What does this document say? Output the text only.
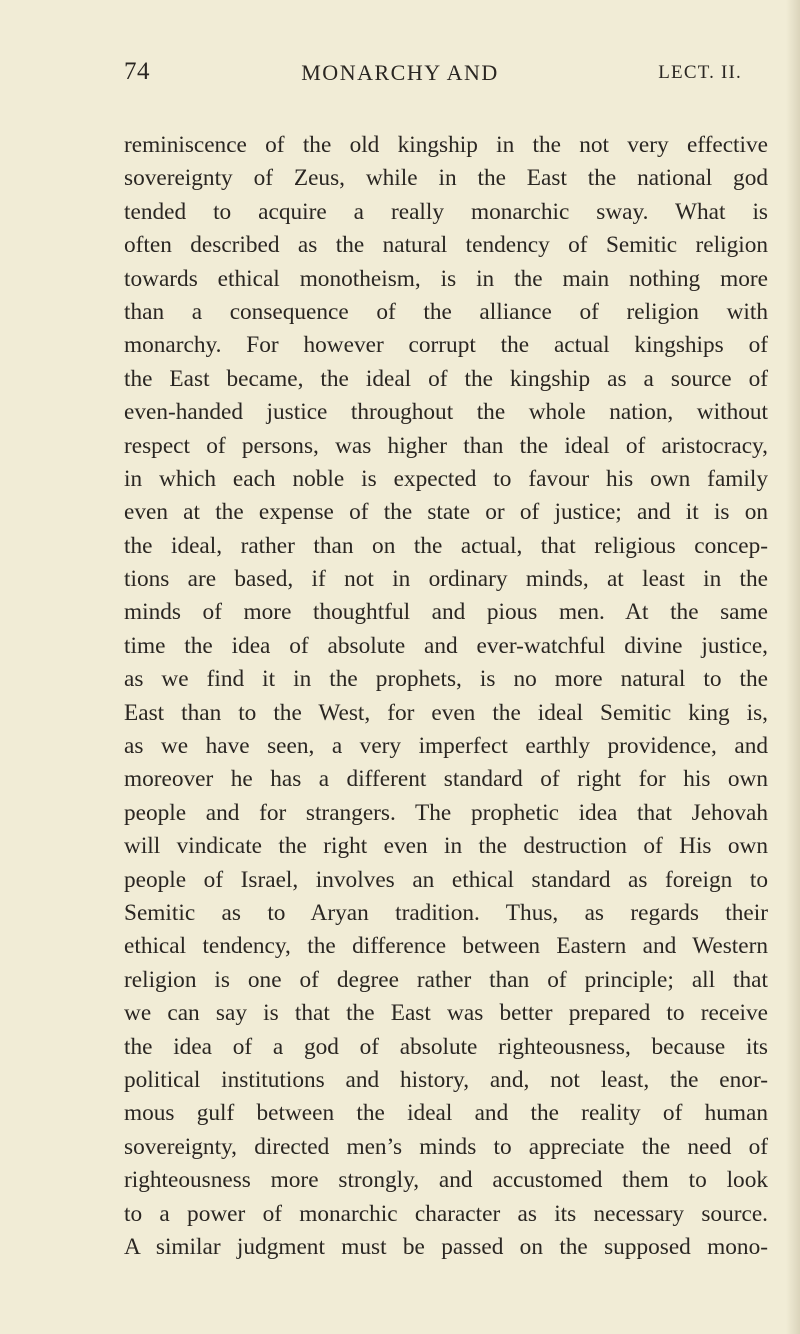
74	MONARCHY AND	LECT. II.
reminiscence of the old kingship in the not very effective
sovereignty of Zeus, while in the East the national god
tended to acquire a really monarchic sway. What is
often described as the natural tendency of Semitic religion
towards ethical monotheism, is in the main nothing more
than a consequence of the alliance of religion with
monarchy. For however corrupt the actual kingships of
the East became, the ideal of the kingship as a source of
even-handed justice throughout the whole nation, without
respect of persons, was higher than the ideal of aristocracy,
in which each noble is expected to favour his own family
even at the expense of the state or of justice; and it is on
the ideal, rather than on the actual, that religious concep-
tions are based, if not in ordinary minds, at least in the
minds of more thoughtful and pious men. At the same
time the idea of absolute and ever-watchful divine justice,
as we find it in the prophets, is no more natural to the
East than to the West, for even the ideal Semitic king is,
as we have seen, a very imperfect earthly providence, and
moreover he has a different standard of right for his own
people and for strangers. The prophetic idea that Jehovah
will vindicate the right even in the destruction of His own
people of Israel, involves an ethical standard as foreign to
Semitic as to Aryan tradition. Thus, as regards their
ethical tendency, the difference between Eastern and Western
religion is one of degree rather than of principle; all that
we can say is that the East was better prepared to receive
the idea of a god of absolute righteousness, because its
political institutions and history, and, not least, the enor-
mous gulf between the ideal and the reality of human
sovereignty, directed men’s minds to appreciate the need of
righteousness more strongly, and accustomed them to look
to a power of monarchic character as its necessary source.
A similar judgment must be passed on the supposed mono-
